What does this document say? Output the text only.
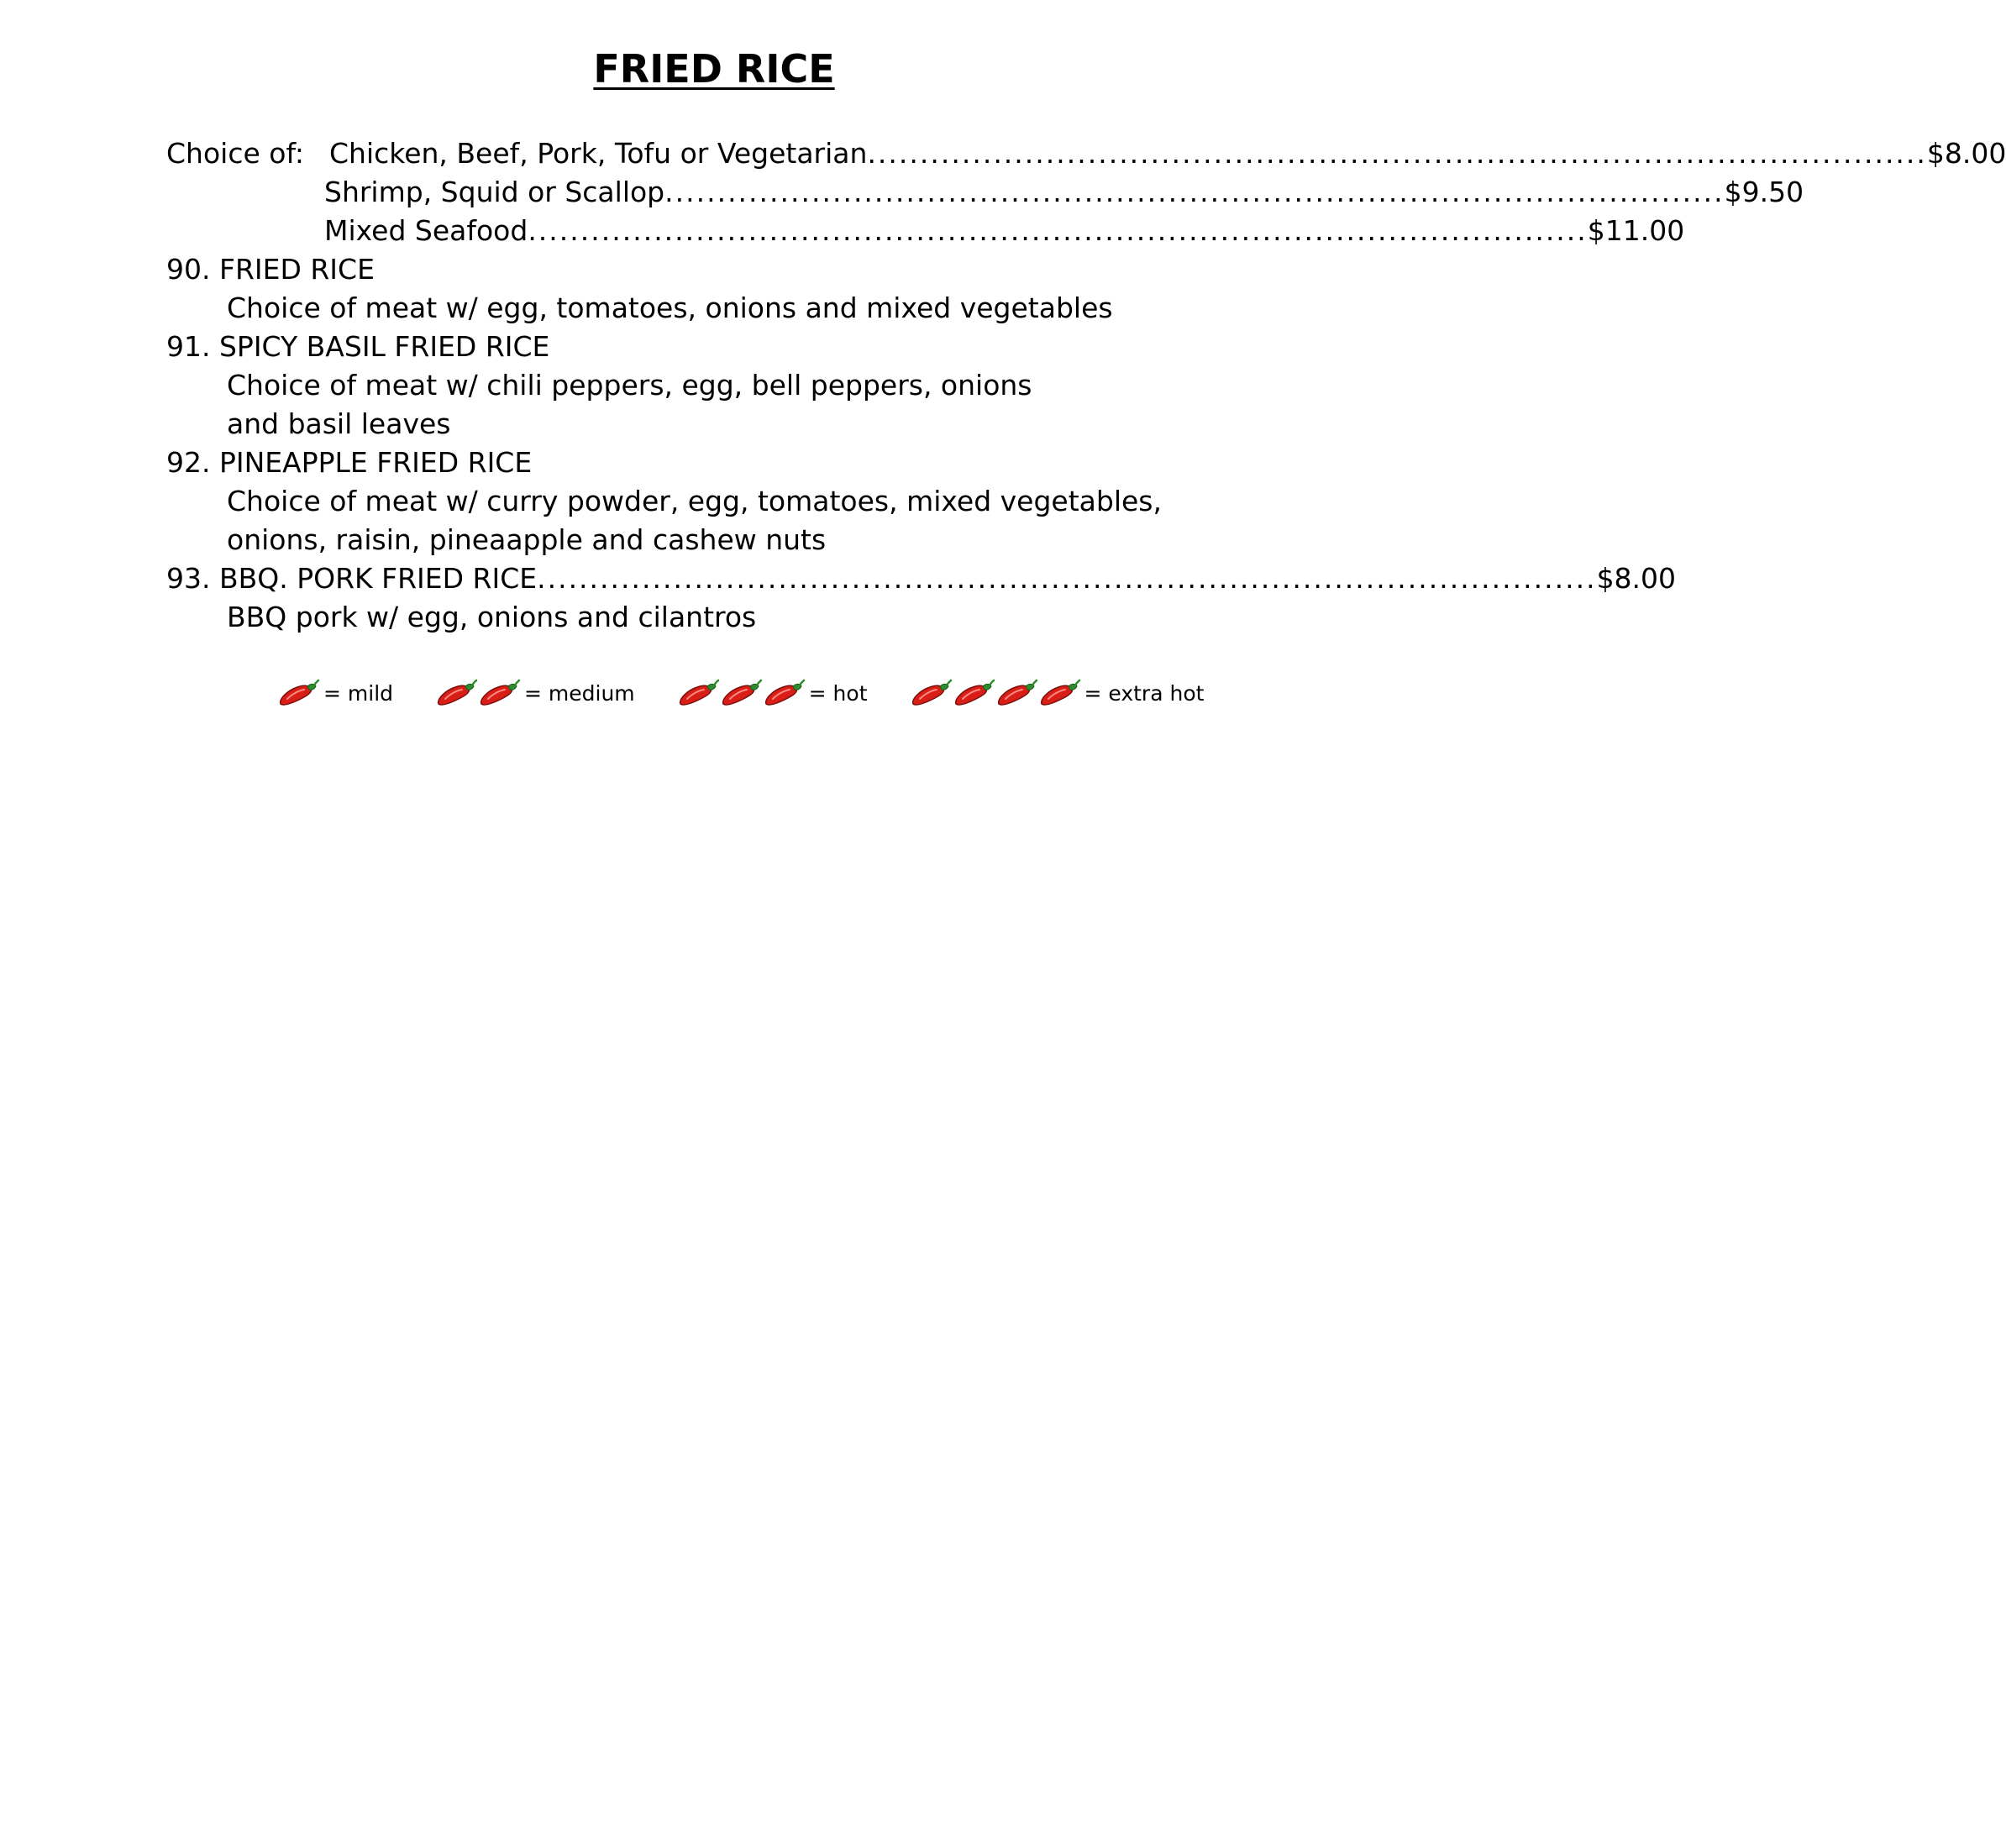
FRIED RICE
Choice of: Chicken, Beef, Pork, Tofu or Vegetarian ..................................................................................................... $8.00
Shrimp, Squid or Scallop ..................................................................................................... $9.50
Mixed Seafood ..................................................................................................... $11.00
90. FRIED RICE
Choice of meat w/ egg, tomatoes, onions and mixed vegetables
91. SPICY BASIL FRIED RICE
Choice of meat w/ chili peppers, egg, bell peppers, onions
and basil leaves
92. PINEAPPLE FRIED RICE
Choice of meat w/ curry powder, egg, tomatoes, mixed vegetables,
onions, raisin, pineaapple and cashew nuts
93. BBQ. PORK FRIED RICE ..................................................................................................... $8.00
BBQ pork w/ egg, onions and cilantros
= mild	= medium	= hot	= extra hot
